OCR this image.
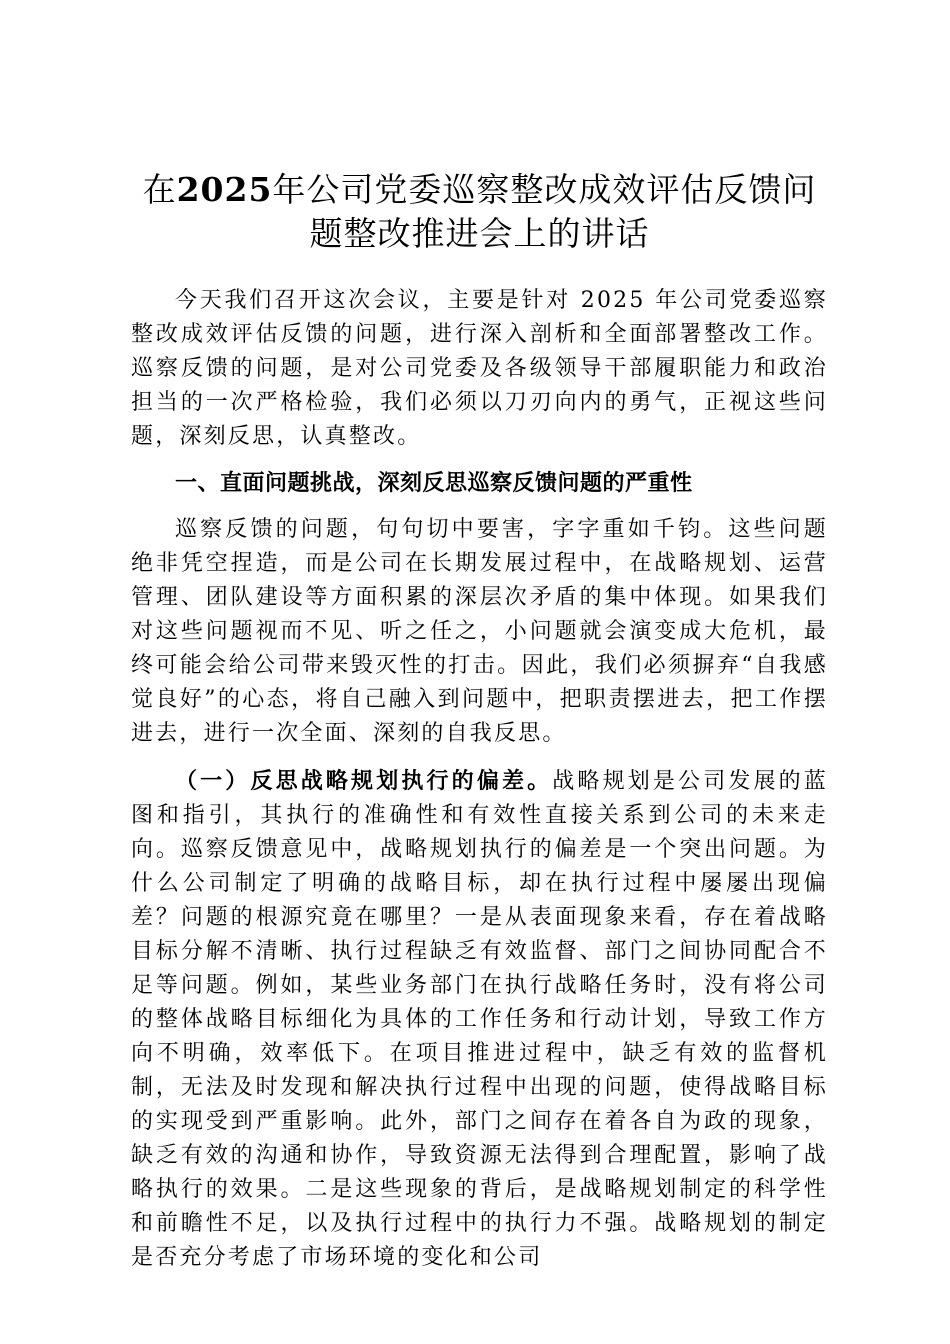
在2025年公司党委巡察整改成效评估反馈问
题整改推进会上的讲话

今天我们召开这次会议，主要是针对 2025 年公司党委巡察整改成效评估反馈的问题，进行深入剖析和全面部署整改工作。巡察反馈的问题，是对公司党委及各级领导干部履职能力和政治担当的一次严格检验，我们必须以刀刃向内的勇气，正视这些问题，深刻反思，认真整改。

一、直面问题挑战，深刻反思巡察反馈问题的严重性

巡察反馈的问题，句句切中要害，字字重如千钧。这些问题绝非凭空捏造，而是公司在长期发展过程中，在战略规划、运营管理、团队建设等方面积累的深层次矛盾的集中体现。如果我们对这些问题视而不见、听之任之，小问题就会演变成大危机，最终可能会给公司带来毁灭性的打击。因此，我们必须摒弃“自我感觉良好”的心态，将自己融入到问题中，把职责摆进去，把工作摆进去，进行一次全面、深刻的自我反思。

（一）反思战略规划执行的偏差。战略规划是公司发展的蓝图和指引，其执行的准确性和有效性直接关系到公司的未来走向。巡察反馈意见中，战略规划执行的偏差是一个突出问题。为什么公司制定了明确的战略目标，却在执行过程中屡屡出现偏差？问题的根源究竟在哪里？一是从表面现象来看，存在着战略目标分解不清晰、执行过程缺乏有效监督、部门之间协同配合不足等问题。例如，某些业务部门在执行战略任务时，没有将公司的整体战略目标细化为具体的工作任务和行动计划，导致工作方向不明确，效率低下。在项目推进过程中，缺乏有效的监督机制，无法及时发现和解决执行过程中出现的问题，使得战略目标的实现受到严重影响。此外，部门之间存在着各自为政的现象，缺乏有效的沟通和协作，导致资源无法得到合理配置，影响了战略执行的效果。二是这些现象的背后，是战略规划制定的科学性和前瞻性不足，以及执行过程中的执行力不强。战略规划的制定是否充分考虑了市场环境的变化和公司
